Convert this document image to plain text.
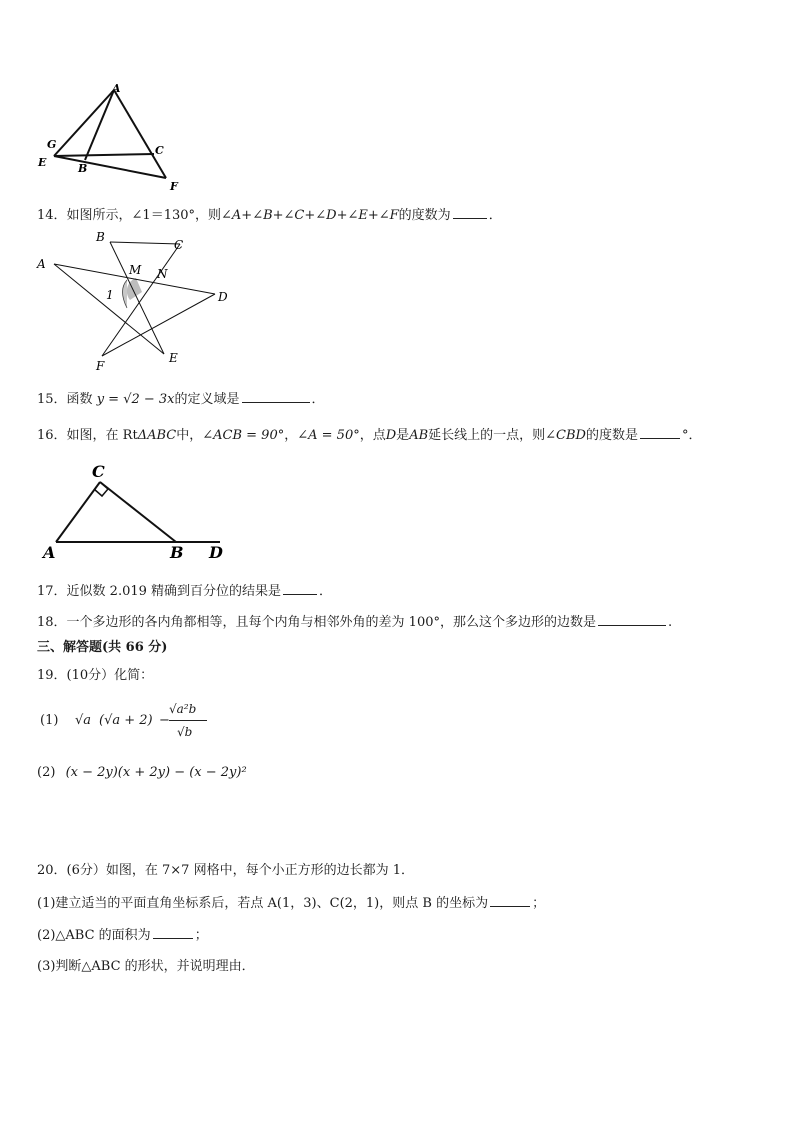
A
G
E	B
C
F
14．如图所示，∠1＝130°，则∠A+∠B+∠C+∠D+∠E+∠F的度数为	．
B
C
A	M N
1	D
F
E
15．函数 y = √2 − 3x的定义域是	．
16．如图，在 RtΔABC中，∠ACB = 90°，∠A = 50°，点D是AB延长线上的一点，则∠CBD的度数是	°．
C
A	B D
17．近似数 2.019 精确到百分位的结果是	．
18．一个多边形的各内角都相等，且每个内角与相邻外角的差为 100°，那么这个多边形的边数是	.
三、解答题(共 66 分)
19．(10分）化简：
(1) √a (√a + 2) −
√a²b
√b
(2) (x − 2y)(x + 2y) − (x − 2y)²
20．(6分）如图，在 7×7 网格中，每个小正方形的边长都为 1．
(1)建立适当的平面直角坐标系后，若点 A(1，3)、C(2，1)，则点 B 的坐标为	；
(2)△ABC 的面积为	；
(3)判断△ABC 的形状，并说明理由．
